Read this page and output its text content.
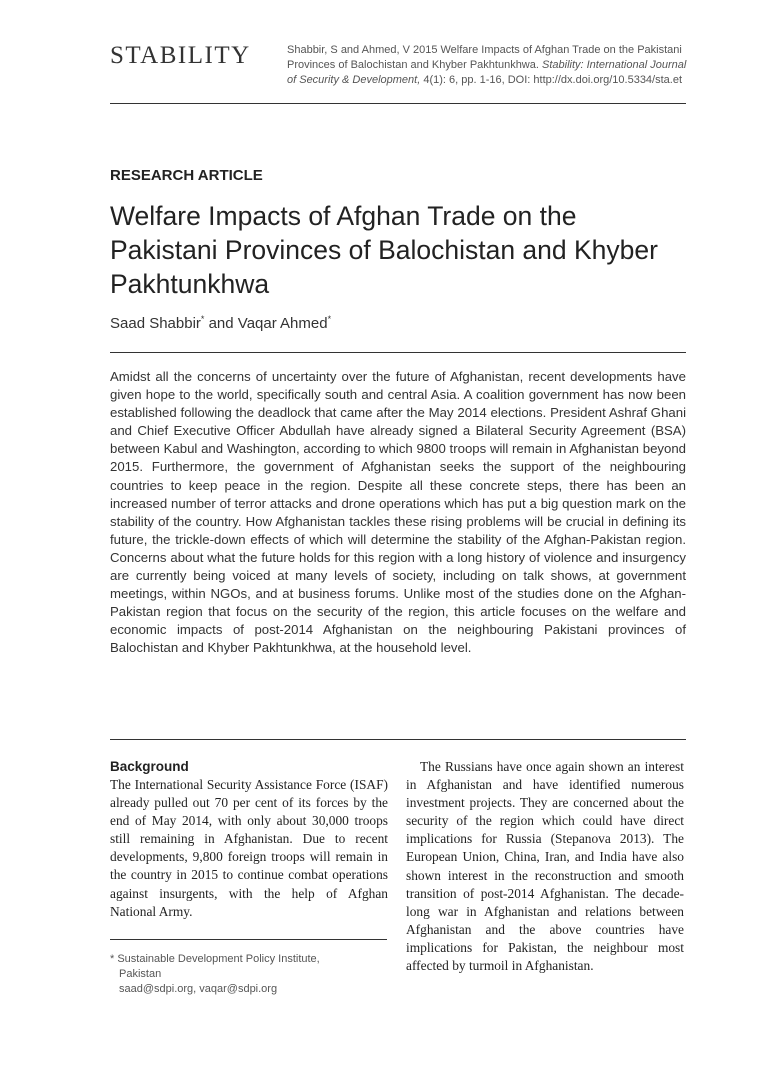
STABILITY	Shabbir, S and Ahmed, V 2015 Welfare Impacts of Afghan Trade on the Pakistani Provinces of Balochistan and Khyber Pakhtunkhwa. Stability: International Journal of Security & Development, 4(1): 6, pp. 1-16, DOI: http://dx.doi.org/10.5334/sta.et
RESEARCH ARTICLE
Welfare Impacts of Afghan Trade on the Pakistani Provinces of Balochistan and Khyber Pakhtunkhwa
Saad Shabbir* and Vaqar Ahmed*

Amidst all the concerns of uncertainty over the future of Afghanistan, recent developments have given hope to the world, specifically south and central Asia. A coalition government has now been established following the deadlock that came after the May 2014 elections. President Ashraf Ghani and Chief Executive Officer Abdullah have already signed a Bilateral Security Agreement (BSA) between Kabul and Washington, according to which 9800 troops will remain in Afghanistan beyond 2015. Furthermore, the government of Afghanistan seeks the support of the neighbouring countries to keep peace in the region. Despite all these concrete steps, there has been an increased number of terror attacks and drone operations which has put a big question mark on the stability of the country. How Afghanistan tackles these rising problems will be crucial in defining its future, the trickle-down effects of which will determine the stability of the Afghan-Pakistan region. Concerns about what the future holds for this region with a long history of violence and insurgency are currently being voiced at many levels of society, including on talk shows, at government meetings, within NGOs, and at business forums. Unlike most of the studies done on the Afghan-Pakistan region that focus on the security of the region, this article focuses on the welfare and economic impacts of post-2014 Afghanistan on the neighbouring Pakistani provinces of Balochistan and Khyber Pakhtunkhwa, at the household level.

Background

The International Security Assistance Force (ISAF) already pulled out 70 per cent of its forces by the end of May 2014, with only about 30,000 troops still remaining in Afghanistan. Due to recent developments, 9,800 foreign troops will remain in the country in 2015 to continue combat operations against insurgents, with the help of Afghan National Army.

The Russians have once again shown an interest in Afghanistan and have identified numerous investment projects. They are concerned about the security of the region which could have direct implications for Russia (Stepanova 2013). The European Union, China, Iran, and India have also shown interest in the reconstruction and smooth transition of post-2014 Afghanistan. The decade-long war in Afghanistan and relations between Afghanistan and the above countries have implications for Pakistan, the neighbour most affected by turmoil in Afghanistan.

* Sustainable Development Policy Institute,
Pakistan
saad@sdpi.org, vaqar@sdpi.org
